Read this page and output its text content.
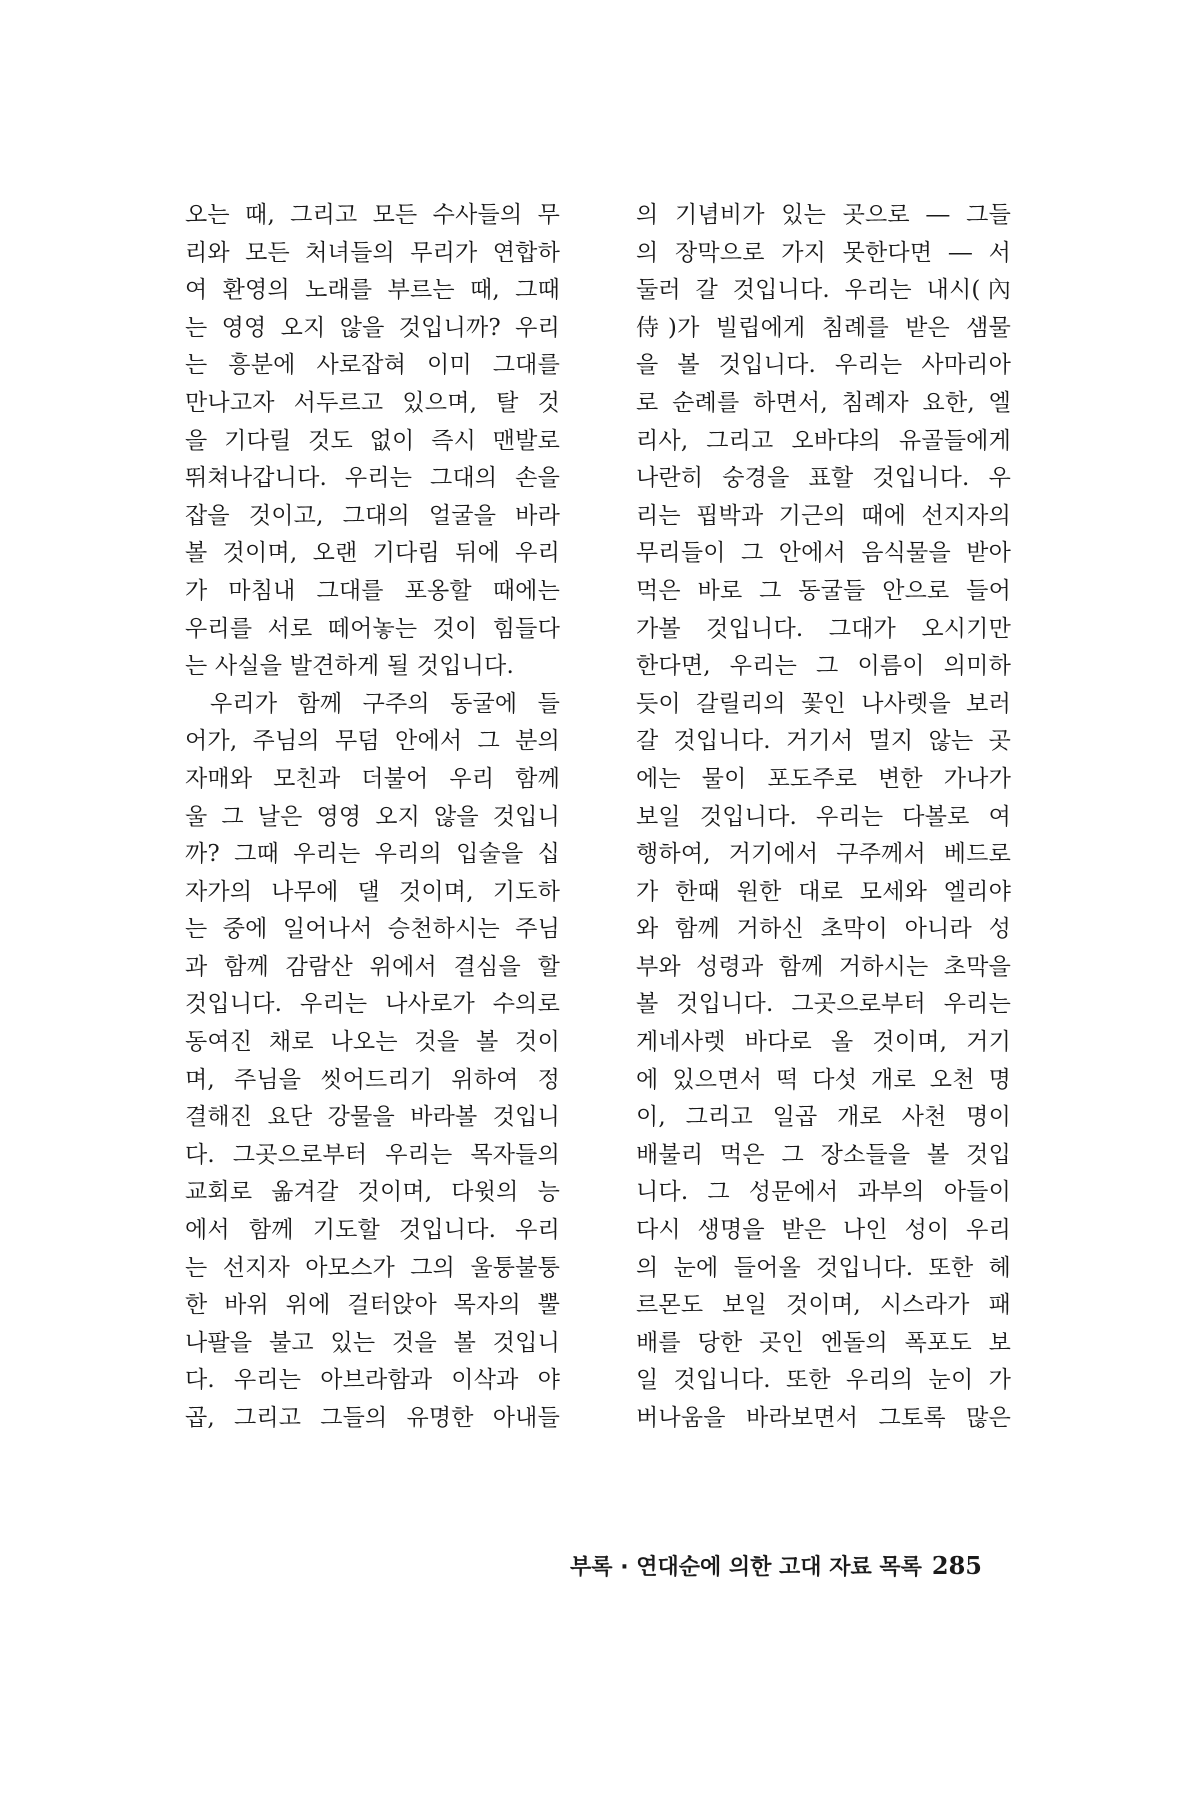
오는 때, 그리고 모든 수사들의 무
리와 모든 처녀들의 무리가 연합하
여 환영의 노래를 부르는 때, 그때
는 영영 오지 않을 것입니까? 우리
는 흥분에 사로잡혀 이미 그대를
만나고자 서두르고 있으며, 탈 것
을 기다릴 것도 없이 즉시 맨발로
뛰쳐나갑니다. 우리는 그대의 손을
잡을 것이고, 그대의 얼굴을 바라
볼 것이며, 오랜 기다림 뒤에 우리
가 마침내 그대를 포옹할 때에는
우리를 서로 떼어놓는 것이 힘들다
는 사실을 발견하게 될 것입니다.
우리가 함께 구주의 동굴에 들
어가, 주님의 무덤 안에서 그 분의
자매와 모친과 더불어 우리 함께
울 그 날은 영영 오지 않을 것입니
까? 그때 우리는 우리의 입술을 십
자가의 나무에 댈 것이며, 기도하
는 중에 일어나서 승천하시는 주님
과 함께 감람산 위에서 결심을 할
것입니다. 우리는 나사로가 수의로
동여진 채로 나오는 것을 볼 것이
며, 주님을 씻어드리기 위하여 정
결해진 요단 강물을 바라볼 것입니
다. 그곳으로부터 우리는 목자들의
교회로 옮겨갈 것이며, 다윗의 능
에서 함께 기도할 것입니다. 우리
는 선지자 아모스가 그의 울퉁불퉁
한 바위 위에 걸터앉아 목자의 뿔
나팔을 불고 있는 것을 볼 것입니
다. 우리는 아브라함과 이삭과 야
곱, 그리고 그들의 유명한 아내들
의 기념비가 있는 곳으로 ― 그들
의 장막으로 가지 못한다면 ― 서
둘러 갈 것입니다. 우리는 내시(內
侍)가 빌립에게 침례를 받은 샘물
을 볼 것입니다. 우리는 사마리아
로 순례를 하면서, 침례자 요한, 엘
리사, 그리고 오바댜의 유골들에게
나란히 숭경을 표할 것입니다. 우
리는 핍박과 기근의 때에 선지자의
무리들이 그 안에서 음식물을 받아
먹은 바로 그 동굴들 안으로 들어
가볼 것입니다. 그대가 오시기만
한다면, 우리는 그 이름이 의미하
듯이 갈릴리의 꽃인 나사렛을 보러
갈 것입니다. 거기서 멀지 않는 곳
에는 물이 포도주로 변한 가나가
보일 것입니다. 우리는 다볼로 여
행하여, 거기에서 구주께서 베드로
가 한때 원한 대로 모세와 엘리야
와 함께 거하신 초막이 아니라 성
부와 성령과 함께 거하시는 초막을
볼 것입니다. 그곳으로부터 우리는
게네사렛 바다로 올 것이며, 거기
에 있으면서 떡 다섯 개로 오천 명
이, 그리고 일곱 개로 사천 명이
배불리 먹은 그 장소들을 볼 것입
니다. 그 성문에서 과부의 아들이
다시 생명을 받은 나인 성이 우리
의 눈에 들어올 것입니다. 또한 헤
르몬도 보일 것이며, 시스라가 패
배를 당한 곳인 엔돌의 폭포도 보
일 것입니다. 또한 우리의 눈이 가
버나움을 바라보면서 그토록 많은
부록 · 연대순에 의한 고대 자료 목록 285
